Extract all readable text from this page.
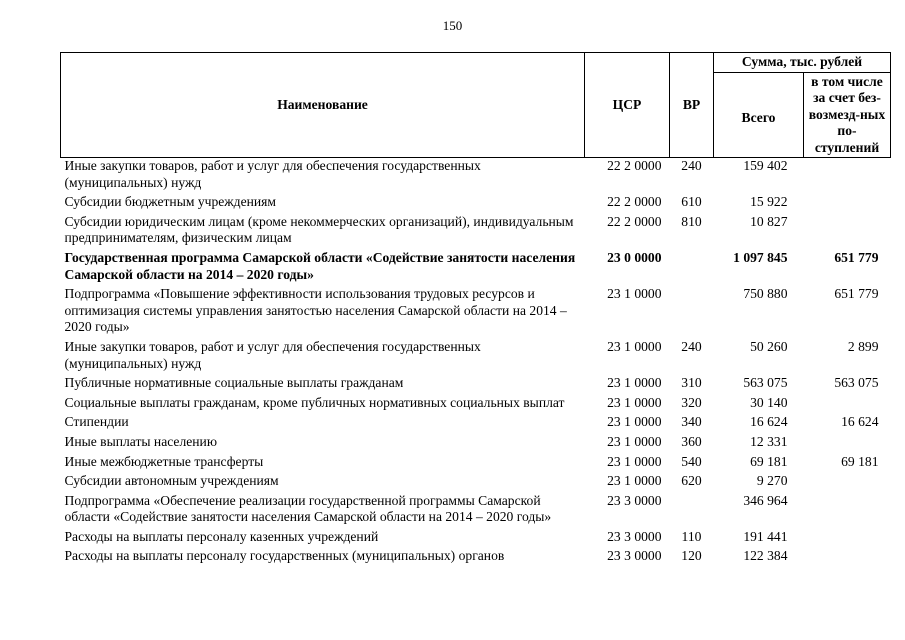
150
Наименование	ЦСР	ВР	Сумма, тыс. рублей	
			Всего	в том числе за счет без-возмезд-ных по-ступлений
Иные закупки товаров, работ и услуг для обеспечения государственных (муниципальных) нужд	22 2 0000	240	159 402	
Субсидии бюджетным учреждениям	22 2 0000	610	15 922	
Субсидии юридическим лицам (кроме некоммерческих организаций), индивидуальным предпринимателям, физическим лицам	22 2 0000	810	10 827	
Государственная программа Самарской области «Содействие занятости населения Самарской области на 2014 – 2020 годы»	23 0 0000		1 097 845	651 779
Подпрограмма «Повышение эффективности использования трудовых ресурсов и оптимизация системы управления занятостью населения Самарской области на 2014 – 2020 годы»	23 1 0000		750 880	651 779
Иные закупки товаров, работ и услуг для обеспечения государственных (муниципальных) нужд	23 1 0000	240	50 260	2 899
Публичные нормативные социальные выплаты гражданам	23 1 0000	310	563 075	563 075
Социальные выплаты гражданам, кроме публичных нормативных социальных выплат	23 1 0000	320	30 140	
Стипендии	23 1 0000	340	16 624	16 624
Иные выплаты населению	23 1 0000	360	12 331	
Иные межбюджетные трансферты	23 1 0000	540	69 181	69 181
Субсидии автономным учреждениям	23 1 0000	620	9 270	
Подпрограмма «Обеспечение реализации государственной программы Самарской области «Содействие занятости населения Самарской области на 2014 – 2020 годы»	23 3 0000		346 964	
Расходы на выплаты персоналу казенных учреждений	23 3 0000	110	191 441	
Расходы на выплаты персоналу государственных (муниципальных) органов	23 3 0000	120	122 384	
